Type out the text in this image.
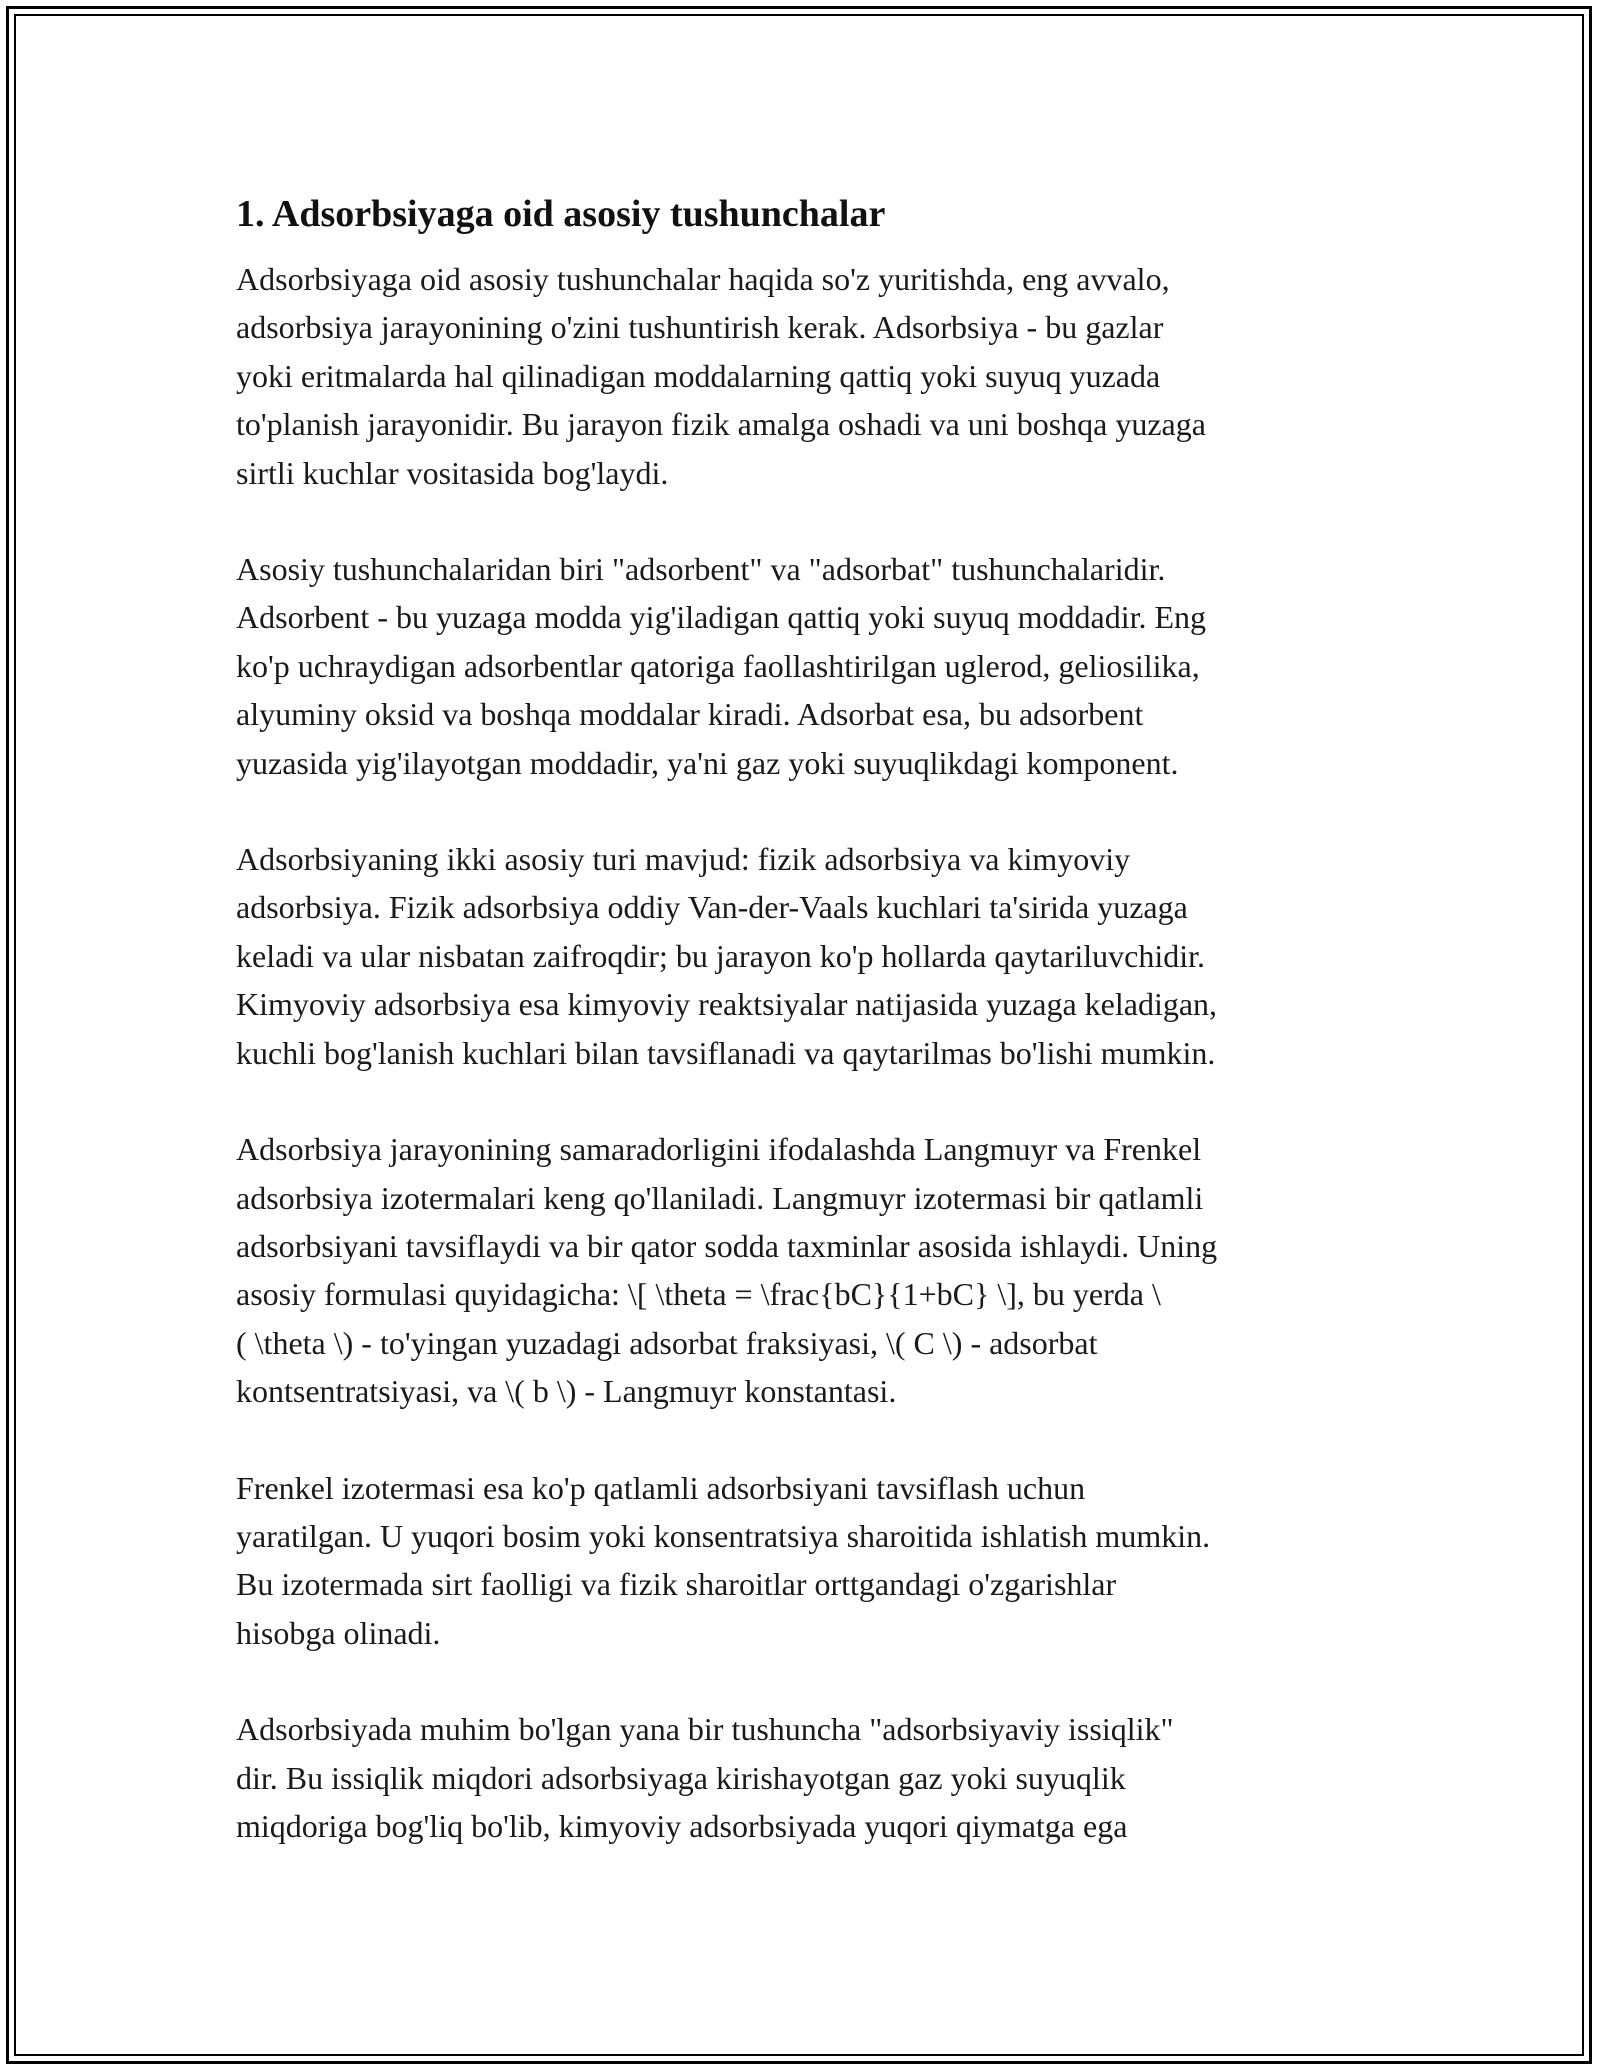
1. Adsorbsiyaga oid asosiy tushunchalar

Adsorbsiyaga oid asosiy tushunchalar haqida so'z yuritishda, eng avvalo,
adsorbsiya jarayonining o'zini tushuntirish kerak. Adsorbsiya - bu gazlar
yoki eritmalarda hal qilinadigan moddalarning qattiq yoki suyuq yuzada
to'planish jarayonidir. Bu jarayon fizik amalga oshadi va uni boshqa yuzaga
sirtli kuchlar vositasida bog'laydi.

Asosiy tushunchalaridan biri "adsorbent" va "adsorbat" tushunchalaridir.
Adsorbent - bu yuzaga modda yig'iladigan qattiq yoki suyuq moddadir. Eng
ko'p uchraydigan adsorbentlar qatoriga faollashtirilgan uglerod, geliosilika,
alyuminy oksid va boshqa moddalar kiradi. Adsorbat esa, bu adsorbent
yuzasida yig'ilayotgan moddadir, ya'ni gaz yoki suyuqlikdagi komponent.

Adsorbsiyaning ikki asosiy turi mavjud: fizik adsorbsiya va kimyoviy
adsorbsiya. Fizik adsorbsiya oddiy Van-der-Vaals kuchlari ta'sirida yuzaga
keladi va ular nisbatan zaifroqdir; bu jarayon ko'p hollarda qaytariluvchidir.
Kimyoviy adsorbsiya esa kimyoviy reaktsiyalar natijasida yuzaga keladigan,
kuchli bog'lanish kuchlari bilan tavsiflanadi va qaytarilmas bo'lishi mumkin.

Adsorbsiya jarayonining samaradorligini ifodalashda Langmuyr va Frenkel
adsorbsiya izotermalari keng qo'llaniladi. Langmuyr izotermasi bir qatlamli
adsorbsiyani tavsiflaydi va bir qator sodda taxminlar asosida ishlaydi. Uning
asosiy formulasi quyidagicha: \[ \theta = \frac{bC}{1+bC} \], bu yerda \
( \theta \) - to'yingan yuzadagi adsorbat fraksiyasi, \( C \) - adsorbat
kontsentratsiyasi, va \( b \) - Langmuyr konstantasi.

Frenkel izotermasi esa ko'p qatlamli adsorbsiyani tavsiflash uchun
yaratilgan. U yuqori bosim yoki konsentratsiya sharoitida ishlatish mumkin.
Bu izotermada sirt faolligi va fizik sharoitlar orttgandagi o'zgarishlar
hisobga olinadi.

Adsorbsiyada muhim bo'lgan yana bir tushuncha "adsorbsiyaviy issiqlik"
dir. Bu issiqlik miqdori adsorbsiyaga kirishayotgan gaz yoki suyuqlik
miqdoriga bog'liq bo'lib, kimyoviy adsorbsiyada yuqori qiymatga ega
